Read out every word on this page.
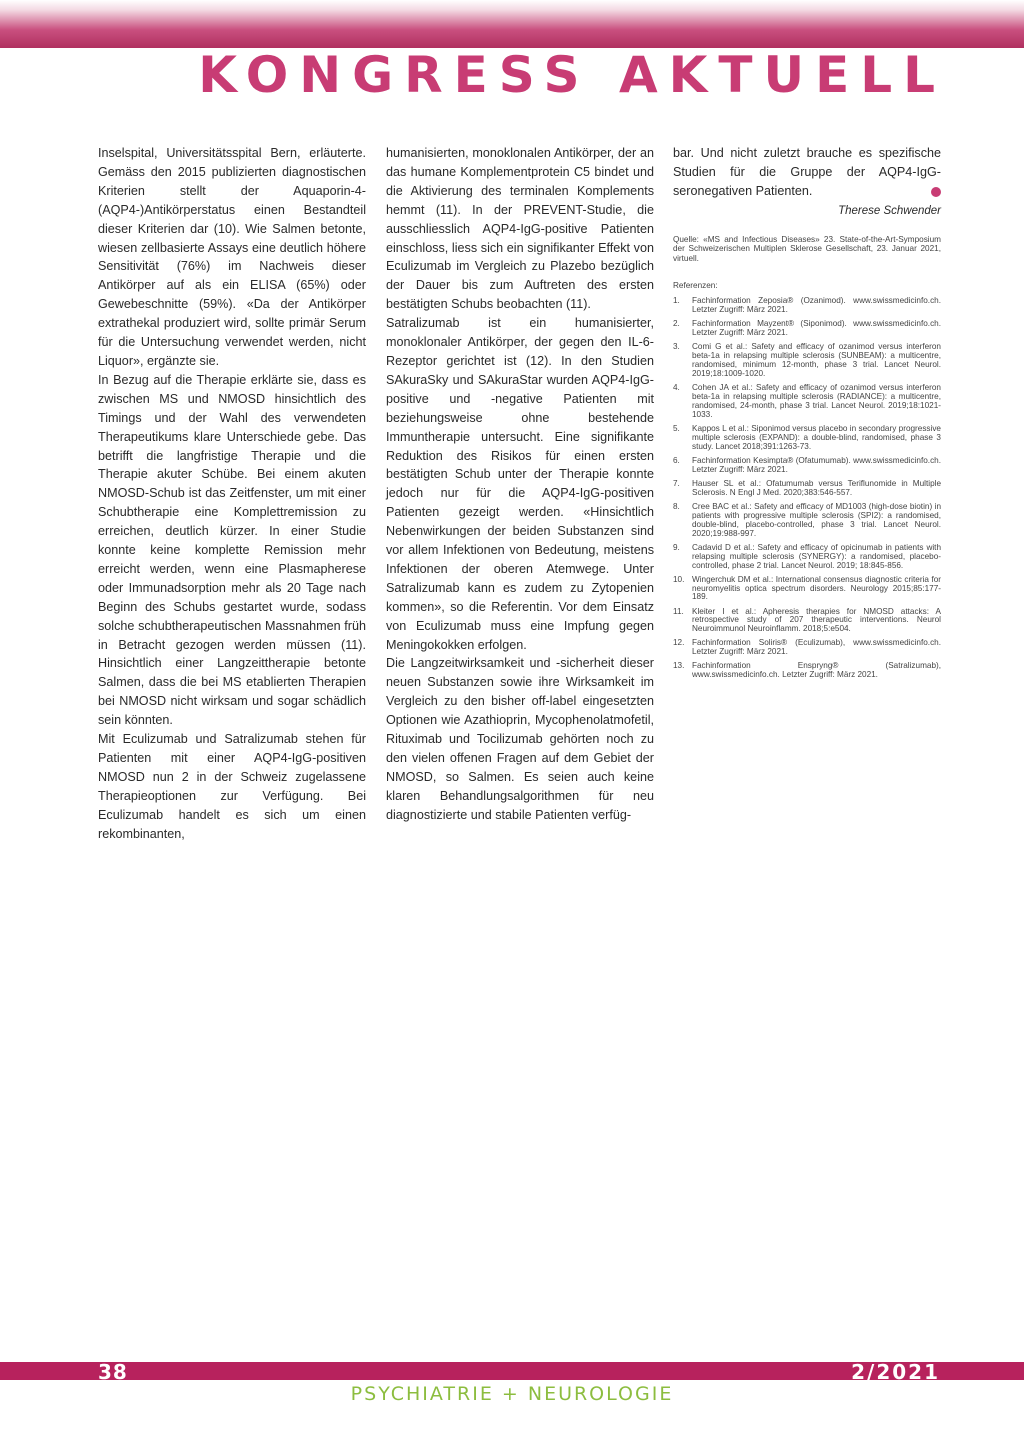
KONGRESS AKTUELL

Inselspital, Universitätsspital Bern, erläuterte. Gemäss den 2015 publizierten diagnostischen Kriterien stellt der Aquaporin-4-(AQP4-)Antikörperstatus einen Bestandteil dieser Kriterien dar (10). Wie Salmen betonte, wiesen zellbasierte Assays eine deutlich höhere Sensitivität (76%) im Nachweis dieser Antikörper auf als ein ELISA (65%) oder Gewebeschnitte (59%). «Da der Antikörper extrathekal produziert wird, sollte primär Serum für die Untersuchung verwendet werden, nicht Liquor», ergänzte sie.

In Bezug auf die Therapie erklärte sie, dass es zwischen MS und NMOSD hinsichtlich des Timings und der Wahl des verwendeten Therapeutikums klare Unterschiede gebe. Das betrifft die langfristige Therapie und die Therapie akuter Schübe. Bei einem akuten NMOSD-Schub ist das Zeitfenster, um mit einer Schubtherapie eine Komplettremission zu erreichen, deutlich kürzer. In einer Studie konnte keine komplette Remission mehr erreicht werden, wenn eine Plasmapherese oder Immunadsorption mehr als 20 Tage nach Beginn des Schubs gestartet wurde, sodass solche schubtherapeutischen Massnahmen früh in Betracht gezogen werden müssen (11). Hinsichtlich einer Langzeittherapie betonte Salmen, dass die bei MS etablierten Therapien bei NMOSD nicht wirksam und sogar schädlich sein könnten.

Mit Eculizumab und Satralizumab stehen für Patienten mit einer AQP4-IgG-positiven NMOSD nun 2 in der Schweiz zugelassene Therapieoptionen zur Verfügung. Bei Eculizumab handelt es sich um einen rekombinanten,

humanisierten, monoklonalen Antikörper, der an das humane Komplementprotein C5 bindet und die Aktivierung des terminalen Komplements hemmt (11). In der PREVENT-Studie, die ausschliesslich AQP4-IgG-positive Patienten einschloss, liess sich ein signifikanter Effekt von Eculizumab im Vergleich zu Plazebo bezüglich der Dauer bis zum Auftreten des ersten bestätigten Schubs beobachten (11).

Satralizumab ist ein humanisierter, monoklonaler Antikörper, der gegen den IL-6-Rezeptor gerichtet ist (12). In den Studien SAkuraSky und SAkuraStar wurden AQP4-IgG-positive und -negative Patienten mit beziehungsweise ohne bestehende Immuntherapie untersucht. Eine signifikante Reduktion des Risikos für einen ersten bestätigten Schub unter der Therapie konnte jedoch nur für die AQP4-IgG-positiven Patienten gezeigt werden. «Hinsichtlich Nebenwirkungen der beiden Substanzen sind vor allem Infektionen von Bedeutung, meistens Infektionen der oberen Atemwege. Unter Satralizumab kann es zudem zu Zytopenien kommen», so die Referentin. Vor dem Einsatz von Eculizumab muss eine Impfung gegen Meningokokken erfolgen.

Die Langzeitwirksamkeit und -sicherheit dieser neuen Substanzen sowie ihre Wirksamkeit im Vergleich zu den bisher off-label eingesetzten Optionen wie Azathioprin, Mycophenolatmofetil, Rituximab und Tocilizumab gehörten noch zu den vielen offenen Fragen auf dem Gebiet der NMOSD, so Salmen. Es seien auch keine klaren Behandlungsalgorithmen für neu diagnostizierte und stabile Patienten verfüg-

bar. Und nicht zuletzt brauche es spezifische Studien für die Gruppe der AQP4-IgG-seronegativen Patienten.

Therese Schwender
Quelle: «MS and Infectious Diseases» 23. State-of-the-Art-Symposium der Schweizerischen Multiplen Sklerose Gesellschaft, 23. Januar 2021, virtuell.
Referenzen:
1. Fachinformation Zeposia® (Ozanimod). www.swissmedicinfo.ch. Letzter Zugriff: März 2021.
2. Fachinformation Mayzent® (Siponimod). www.swissmedicinfo.ch. Letzter Zugriff: März 2021.
3. Comi G et al.: Safety and efficacy of ozanimod versus interferon beta-1a in relapsing multiple sclerosis (SUNBEAM): a multicentre, randomised, minimum 12-month, phase 3 trial. Lancet Neurol. 2019;18:1009-1020.
4. Cohen JA et al.: Safety and efficacy of ozanimod versus interferon beta-1a in relapsing multiple sclerosis (RADIANCE): a multicentre, randomised, 24-month, phase 3 trial. Lancet Neurol. 2019;18:1021-1033.
5. Kappos L et al.: Siponimod versus placebo in secondary progressive multiple sclerosis (EXPAND): a double-blind, randomised, phase 3 study. Lancet 2018;391:1263-73.
6. Fachinformation Kesimpta® (Ofatumumab). www.swissmedicinfo.ch. Letzter Zugriff: März 2021.
7. Hauser SL et al.: Ofatumumab versus Teriflunomide in Multiple Sclerosis. N Engl J Med. 2020;383:546-557.
8. Cree BAC et al.: Safety and efficacy of MD1003 (high-dose biotin) in patients with progressive multiple sclerosis (SPI2): a randomised, double-blind, placebo-controlled, phase 3 trial. Lancet Neurol. 2020;19:988-997.
9. Cadavid D et al.: Safety and efficacy of opicinumab in patients with relapsing multiple sclerosis (SYNERGY): a randomised, placebo-controlled, phase 2 trial. Lancet Neurol. 2019; 18:845-856.
10. Wingerchuk DM et al.: International consensus diagnostic criteria for neuromyelitis optica spectrum disorders. Neurology 2015;85:177-189.
11. Kleiter I et al.: Apheresis therapies for NMOSD attacks: A retrospective study of 207 therapeutic interventions. Neurol Neuroimmunol Neuroinflamm. 2018;5:e504.
12. Fachinformation Soliris® (Eculizumab), www.swissmedicinfo.ch. Letzter Zugriff: März 2021.
13. Fachinformation Enspryng® (Satralizumab), www.swissmedicinfo.ch. Letzter Zugriff: März 2021.
38	2/2021
PSYCHIATRIE + NEUROLOGIE
